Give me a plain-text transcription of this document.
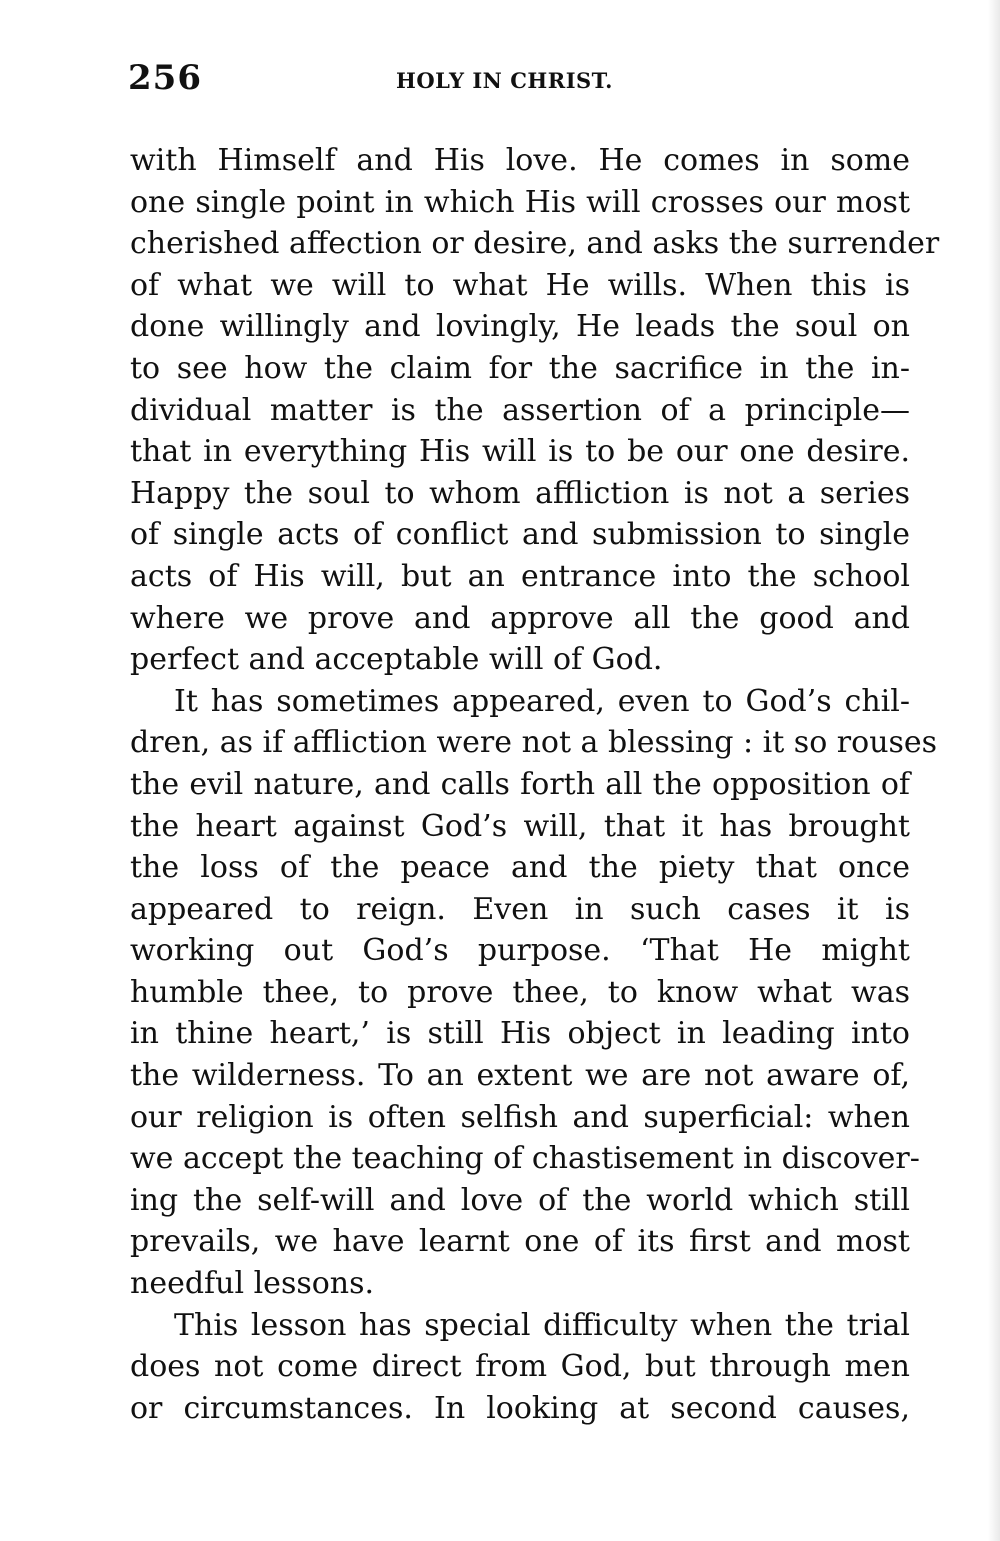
256	HOLY IN CHRIST.
with Himself and His love. He comes in some
one single point in which His will crosses our most
cherished affection or desire, and asks the surrender
of what we will to what He wills. When this is
done willingly and lovingly, He leads the soul on
to see how the claim for the sacrifice in the in-
dividual matter is the assertion of a principle—
that in everything His will is to be our one desire.
Happy the soul to whom affliction is not a series
of single acts of conflict and submission to single
acts of His will, but an entrance into the school
where we prove and approve all the good and
perfect and acceptable will of God.
It has sometimes appeared, even to God’s chil-
dren, as if affliction were not a blessing : it so rouses
the evil nature, and calls forth all the opposition of
the heart against God’s will, that it has brought
the loss of the peace and the piety that once
appeared to reign. Even in such cases it is
working out God’s purpose. ‘That He might
humble thee, to prove thee, to know what was
in thine heart,’ is still His object in leading into
the wilderness. To an extent we are not aware of,
our religion is often selfish and superficial: when
we accept the teaching of chastisement in discover-
ing the self-will and love of the world which still
prevails, we have learnt one of its first and most
needful lessons.
This lesson has special difficulty when the trial
does not come direct from God, but through men
or circumstances. In looking at second causes,
